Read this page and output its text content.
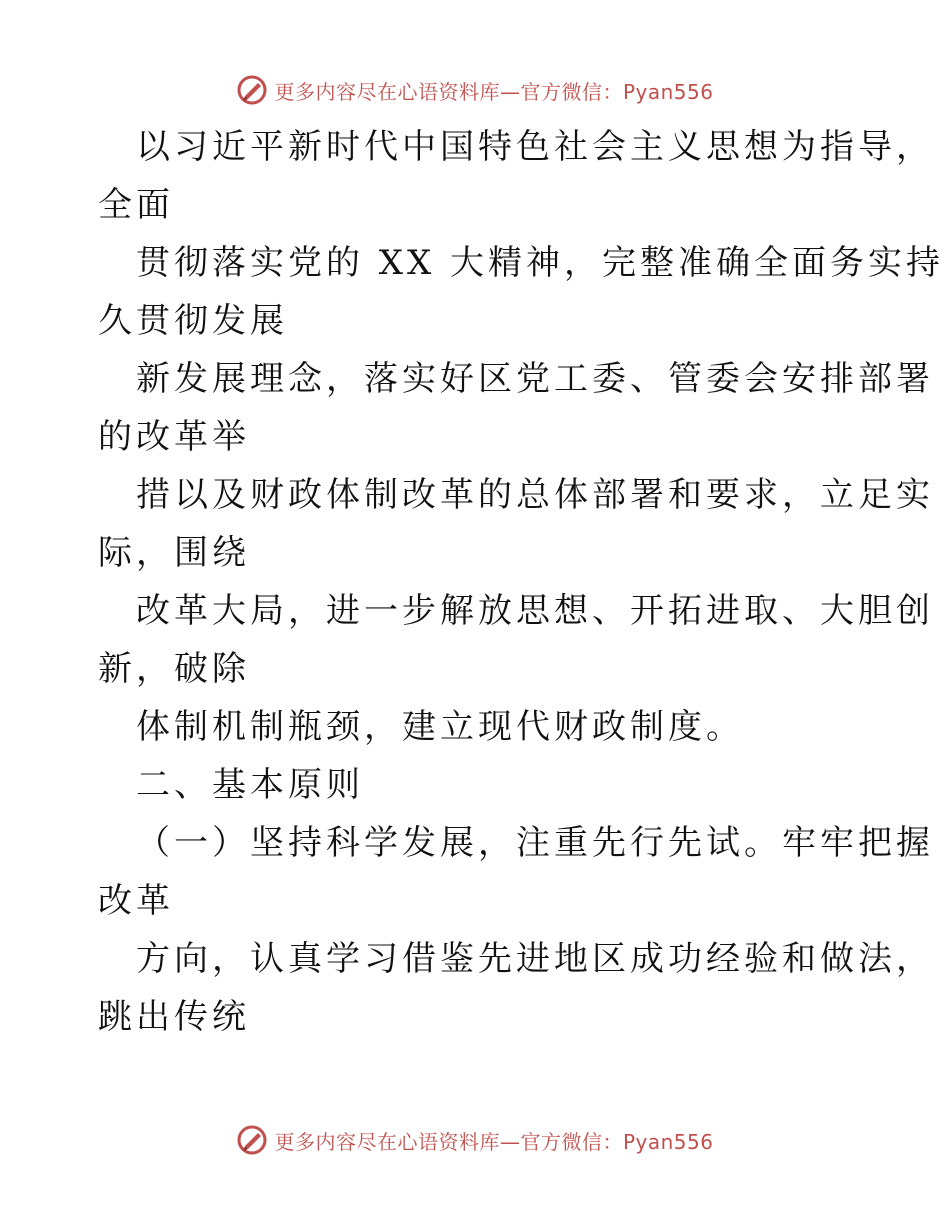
更多内容尽在心语资料库—官方微信：Pyan556
以习近平新时代中国特色社会主义思想为指导，
全面
贯彻落实党的 XX 大精神，完整准确全面务实持
久贯彻发展
新发展理念，落实好区党工委、管委会安排部署
的改革举
措以及财政体制改革的总体部署和要求，立足实
际，围绕
改革大局，进一步解放思想、开拓进取、大胆创
新，破除
体制机制瓶颈，建立现代财政制度。
二、基本原则
（一）坚持科学发展，注重先行先试。牢牢把握
改革
方向，认真学习借鉴先进地区成功经验和做法，
跳出传统
更多内容尽在心语资料库—官方微信：Pyan556
